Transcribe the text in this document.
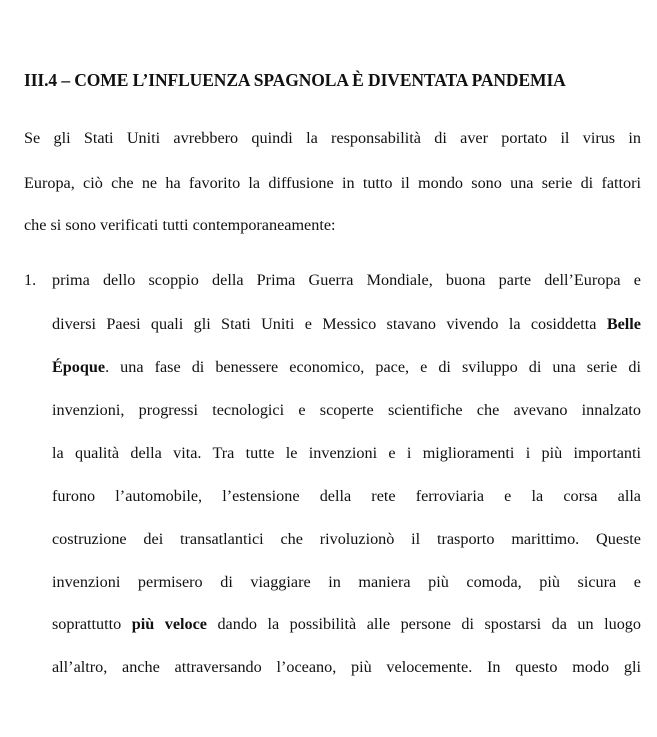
III.4 – COME L’INFLUENZA SPAGNOLA È DIVENTATA PANDEMIA
Se gli Stati Uniti avrebbero quindi la responsabilità di aver portato il virus in
Europa, ciò che ne ha favorito la diffusione in tutto il mondo sono una serie di fattori
che si sono verificati tutti contemporaneamente:
1. prima dello scoppio della Prima Guerra Mondiale, buona parte dell’Europa e
diversi Paesi quali gli Stati Uniti e Messico stavano vivendo la cosiddetta Belle
Époque. una fase di benessere economico, pace, e di sviluppo di una serie di
invenzioni, progressi tecnologici e scoperte scientifiche che avevano innalzato
la qualità della vita. Tra tutte le invenzioni e i miglioramenti i più importanti
furono l’automobile, l’estensione della rete ferroviaria e la corsa alla
costruzione dei transatlantici che rivoluzionò il trasporto marittimo. Queste
invenzioni permisero di viaggiare in maniera più comoda, più sicura e
soprattutto più veloce dando la possibilità alle persone di spostarsi da un luogo
all’altro, anche attraversando l’oceano, più velocemente. In questo modo gli
